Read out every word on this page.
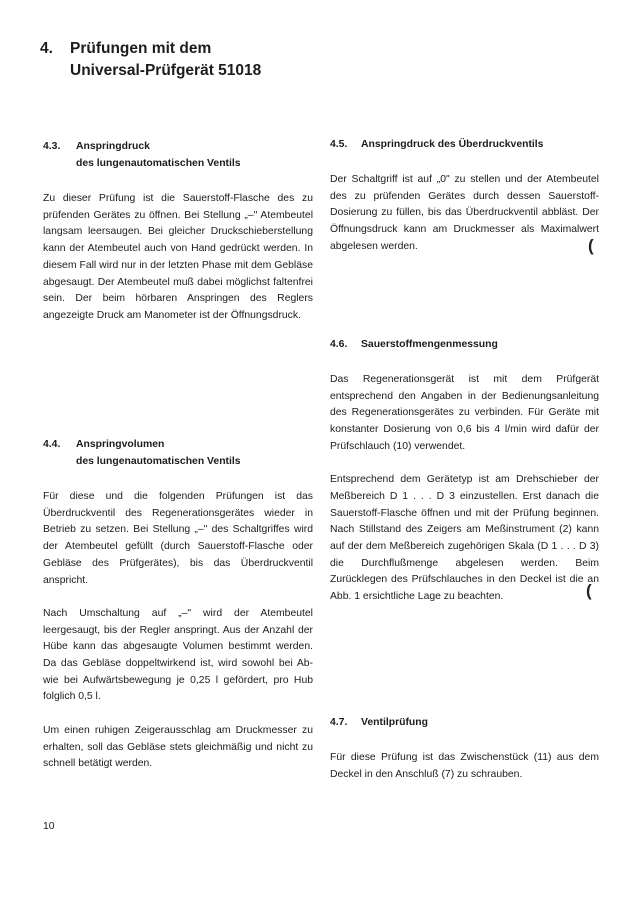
4. Prüfungen mit dem
Universal-Prüfgerät 51018
4.3.	Anspringdruck
des lungenautomatischen Ventils

Zu dieser Prüfung ist die Sauerstoff-Flasche des zu prüfenden Gerätes zu öffnen. Bei Stellung „–" Atembeutel langsam leersaugen. Bei gleicher Druckschieberstellung kann der Atembeutel auch von Hand gedrückt werden. In diesem Fall wird nur in der letzten Phase mit dem Gebläse abgesaugt. Der Atembeutel muß dabei möglichst faltenfrei sein. Der beim hörbaren Anspringen des Reglers angezeigte Druck am Manometer ist der Öffnungsdruck.

4.4.	Anspringvolumen
des lungenautomatischen Ventils

Für diese und die folgenden Prüfungen ist das Überdruckventil des Regenerationsgerätes wieder in Betrieb zu setzen. Bei Stellung „–" des Schaltgriffes wird der Atembeutel gefüllt (durch Sauerstoff-Flasche oder Gebläse des Prüfgerätes), bis das Überdruckventil anspricht.

Nach Umschaltung auf „–" wird der Atembeutel leergesaugt, bis der Regler anspringt. Aus der Anzahl der Hübe kann das abgesaugte Volumen bestimmt werden. Da das Gebläse doppeltwirkend ist, wird sowohl bei Ab- wie bei Aufwärtsbewegung je 0,25 l gefördert, pro Hub folglich 0,5 l.

Um einen ruhigen Zeigerausschlag am Druckmesser zu erhalten, soll das Gebläse stets gleichmäßig und nicht zu schnell betätigt werden.

4.5.	Anspringdruck des Überdruckventils

Der Schaltgriff ist auf „0" zu stellen und der Atembeutel des zu prüfenden Gerätes durch dessen Sauerstoff-Dosierung zu füllen, bis das Überdruckventil abbläst. Der Öffnungsdruck kann am Druckmesser als Maximalwert abgelesen werden.

4.6.	Sauerstoffmengenmessung

Das Regenerationsgerät ist mit dem Prüfgerät entsprechend den Angaben in der Bedienungsanleitung des Regenerationsgerätes zu verbinden. Für Geräte mit konstanter Dosierung von 0,6 bis 4 l/min wird dafür der Prüfschlauch (10) verwendet.

Entsprechend dem Gerätetyp ist am Drehschieber der Meßbereich D 1 . . . D 3 einzustellen. Erst danach die Sauerstoff-Flasche öffnen und mit der Prüfung beginnen. Nach Stillstand des Zeigers am Meßinstrument (2) kann auf der dem Meßbereich zugehörigen Skala (D 1 . . . D 3) die Durchflußmenge abgelesen werden. Beim Zurücklegen des Prüfschlauches in den Deckel ist die an Abb. 1 ersichtliche Lage zu beachten.

4.7.	Ventilprüfung

Für diese Prüfung ist das Zwischenstück (11) aus dem Deckel in den Anschluß (7) zu schrauben.

(
(
10
